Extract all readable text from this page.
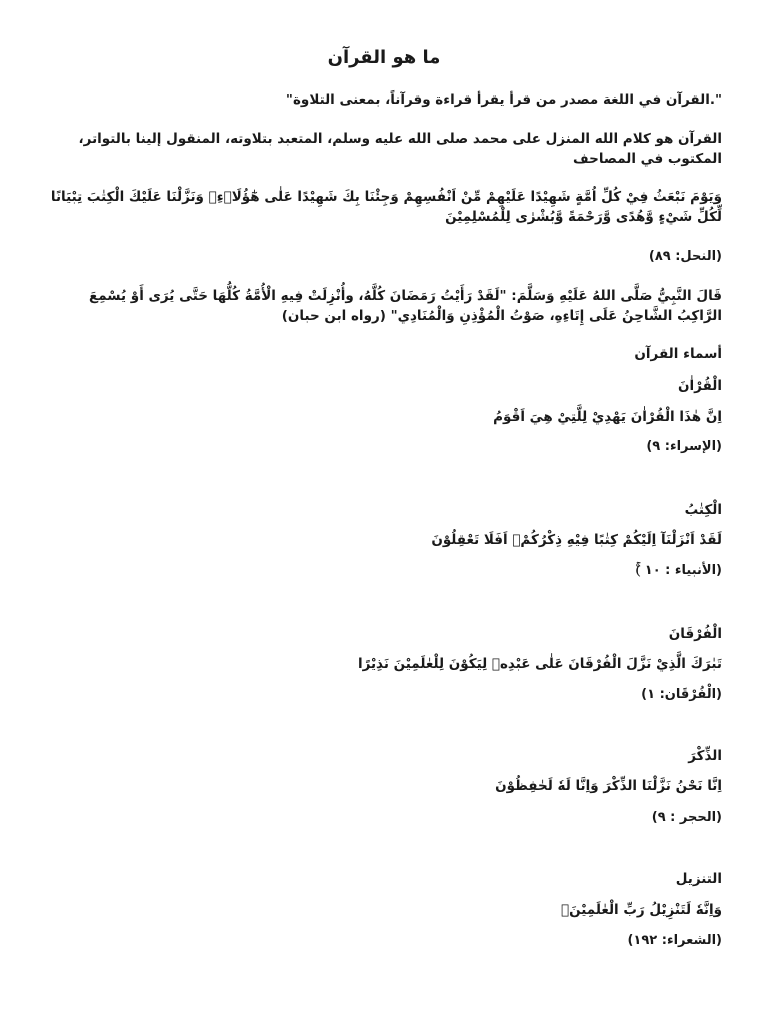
ما هو القرآن
".القرآن في اللغة مصدر من قرأ يقرأ قراءة وقرآناً، بمعنى التلاوة"
القرآن هو كلام الله المنزل على محمد صلى الله عليه وسلم، المتعبد بتلاوته، المنقول إلينا بالتواتر، المكتوب في المصاحف
وَيَوْمَ نَبْعَثُ فِيْ كُلِّ اُمَّةٍ شَهِيْدًا عَلَيْهِمْ مِّنْ اَنْفُسِهِمْ وَجِئْنَا بِكَ شَهِيْدًا عَلٰى هٰٓؤُلَاۤءِۗ وَنَزَّلْنَا عَلَيْكَ الْكِتٰبَ تِبْيَانًا لِّكُلِّ شَيْءٍ وَّهُدًى وَّرَحْمَةً وَّبُشْرٰى لِلْمُسْلِمِيْنَ
(النحل: ٨٩)
قَالَ النَّبِيُّ صَلَّى اللهُ عَلَيْهِ وَسَلَّمَ: "لَقَدْ رَأَيْتُ رَمَضَانَ كُلَّهُ، وأُنْزِلَتْ فِيهِ الْأُمَّةُ كُلُّهَا حَتَّى يُرَى أَوْ يُسْمِعَ الرَّاكِبُ الشَّاحِنُ عَلَى إِتَاءِهِ، صَوْتُ الْمُؤْذِنِ وَالْمُنَادِي" (رواه ابن حبان)
أسماء القرآن
الْقُرْاٰنَ
اِنَّ هٰذَا الْقُرْاٰنَ يَهْدِيْ لِلَّتِيْ هِيَ اَقْوَمُ
(الإسراء: ٩)
الْكِتٰبُ
لَقَدْ اَنْزَلْنَآ اِلَيْكُمْ كِتٰبًا فِيْهِ ذِكْرُكُمْۗ اَفَلَا تَعْقِلُوْنَ
(الأنبياء : ١٠ )ۚ
الْفُرْقَانَ
تَبٰرَكَ الَّذِيْ نَزَّلَ الْفُرْقَانَ عَلٰى عَبْدِهٖ لِيَكُوْنَ لِلْعٰلَمِيْنَ نَذِيْرًا
(الْفُرْقَان: ١)
الذِّكْرَ
اِنَّا نَحْنُ نَزَّلْنَا الذِّكْرَ وَاِنَّا لَهٗ لَحٰفِظُوْنَ
(الحجر : ٩)
التنزيل
وَاِنَّهٗ لَتَنْزِيْلُ رَبِّ الْعٰلَمِيْنَۗ
(الشعراء: ١٩٢)
